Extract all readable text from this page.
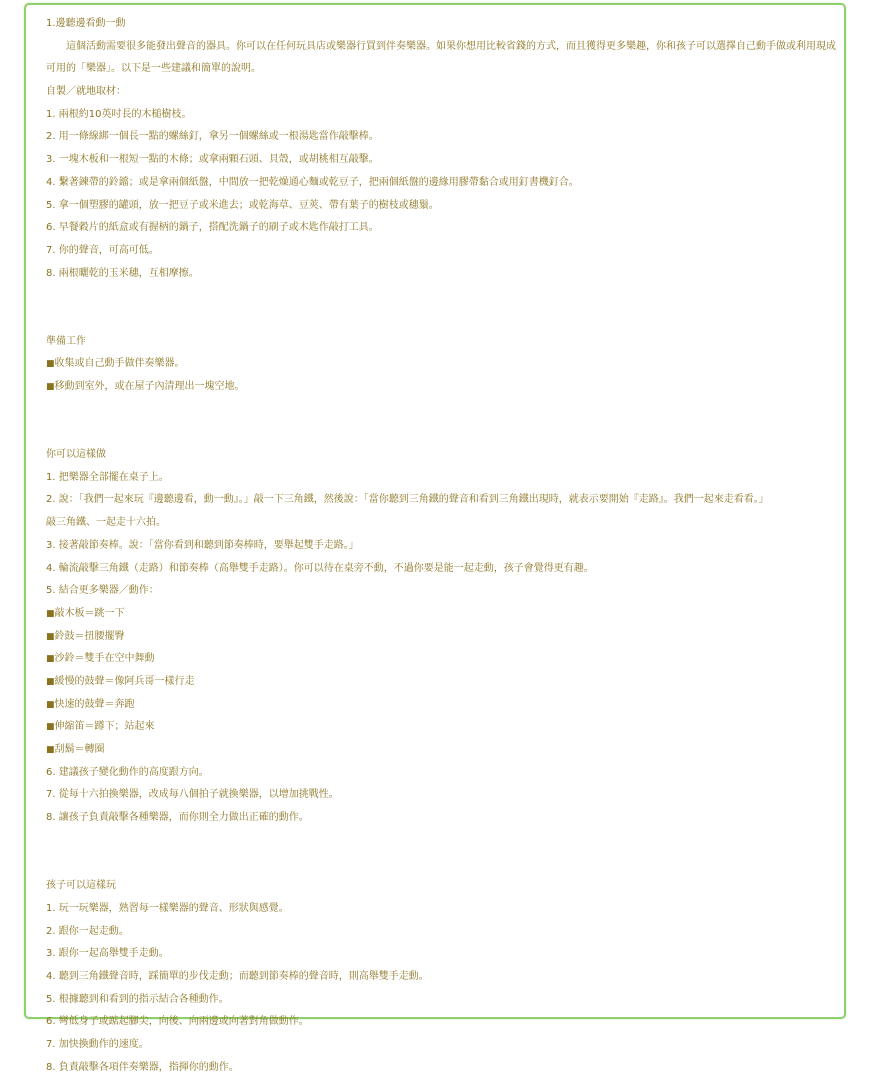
1.邊聽邊看動一動
這個活動需要很多能發出聲音的器具。你可以在任何玩具店或樂器行買到伴奏樂器。如果你想用比較省錢的方式，而且獲得更多樂趣，你和孩子可以選擇自己動手做或利用現成可用的「樂器」。以下是一些建議和簡單的說明。
自製／就地取材：
1. 兩根約10英吋長的木槌樹枝。
2. 用一條線綁一個長一點的螺絲釘，拿另一個螺絲或一根湯匙當作敲擊棒。
3. 一塊木板和一根短一點的木條；或拿兩顆石頭、貝殼，或胡桃相互敲擊。
4. 繫著鍊帶的鈴鐺；或是拿兩個紙盤，中間放一把乾燥通心麵或乾豆子，把兩個紙盤的邊緣用膠帶黏合或用釘書機釘合。
5. 拿一個塑膠的罐頭，放一把豆子或米進去；或乾海草、豆莢、帶有葉子的樹枝或穗鬚。
6. 早餐穀片的紙盒或有握柄的鍋子，搭配洗鍋子的刷子或木匙作敲打工具。
7. 你的聲音，可高可低。
8. 兩根曬乾的玉米穗，互相摩擦。
準備工作
■收集或自己動手做伴奏樂器。
■移動到室外，或在屋子內清理出一塊空地。
你可以這樣做
1. 把樂器全部擺在桌子上。
2. 說：「我們一起來玩『邊聽邊看，動一動』。」敲一下三角鐵，然後說：「當你聽到三角鐵的聲音和看到三角鐵出現時，就表示要開始『走路』。我們一起來走看看。」
敲三角鐵、一起走十六拍。
3. 接著敲節奏棒。說：「當你看到和聽到節奏棒時，要舉起雙手走路。」
4. 輪流敲擊三角鐵（走路）和節奏棒（高舉雙手走路）。你可以待在桌旁不動，不過你要是能一起走動，孩子會覺得更有趣。
5. 結合更多樂器／動作：
■敲木板＝跳一下
■鈴鼓＝扭腰擺臀
■沙鈴＝雙手在空中舞動
■緩慢的鼓聲＝像阿兵哥一樣行走
■快速的鼓聲＝奔跑
■伸縮笛＝蹲下；站起來
■刮鬍＝轉圈
6. 建議孩子變化動作的高度跟方向。
7. 從每十六拍換樂器，改成每八個拍子就換樂器，以增加挑戰性。
8. 讓孩子負責敲擊各種樂器，而你則全力做出正確的動作。
孩子可以這樣玩
1. 玩一玩樂器，熟習每一樣樂器的聲音、形狀與感覺。
2. 跟你一起走動。
3. 跟你一起高舉雙手走動。
4. 聽到三角鐵聲音時，踩簡單的步伐走動；而聽到節奏棒的聲音時，則高舉雙手走動。
5. 根據聽到和看到的指示結合各種動作。
6. 彎低身子或踮起腳尖，向後、向兩邊或向著對角做動作。
7. 加快換動作的速度。
8. 負責敲擊各項伴奏樂器，指揮你的動作。
